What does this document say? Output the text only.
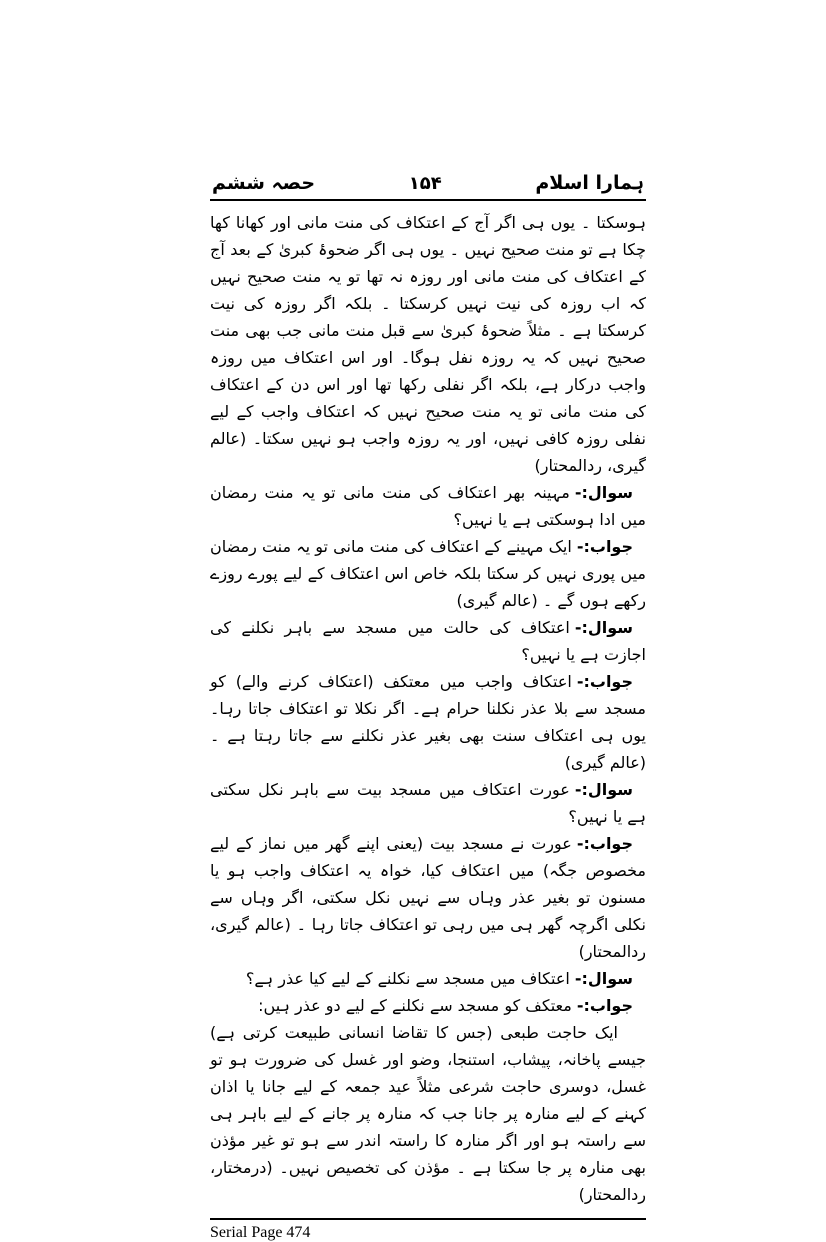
ہمارا اسلام
۱۵۴
حصہ ششم

ہوسکتا ۔ یوں ہی اگر آج کے اعتکاف کی منت مانی اور کھانا کھا چکا ہے تو منت صحیح نہیں ۔ یوں ہی اگر ضحوۂ کبریٰ کے بعد آج کے اعتکاف کی منت مانی اور روزہ نہ تھا تو یہ منت صحیح نہیں کہ اب روزہ کی نیت نہیں کرسکتا ۔ بلکہ اگر روزہ کی نیت کرسکتا ہے ۔ مثلاً ضحوۂ کبریٰ سے قبل منت مانی جب بھی منت صحیح نہیں کہ یہ روزہ نفل ہوگا۔ اور اس اعتکاف میں روزہ واجب درکار ہے، بلکہ اگر نفلی رکھا تھا اور اس دن کے اعتکاف کی منت مانی تو یہ منت صحیح نہیں کہ اعتکاف واجب کے لیے نفلی روزہ کافی نہیں، اور یہ روزہ واجب ہو نہیں سکتا۔ (عالم گیری، ردالمحتار)

سوال:-مہینہ بھر اعتکاف کی منت مانی تو یہ منت رمضان میں ادا ہوسکتی ہے یا نہیں؟

جواب:-ایک مہینے کے اعتکاف کی منت مانی تو یہ منت رمضان میں پوری نہیں کر سکتا بلکہ خاص اس اعتکاف کے لیے پورے روزے رکھے ہوں گے ۔ (عالم گیری)

سوال:-اعتکاف کی حالت میں مسجد سے باہر نکلنے کی اجازت ہے یا نہیں؟

جواب:-اعتکاف واجب میں معتکف (اعتکاف کرنے والے) کو مسجد سے بلا عذر نکلنا حرام ہے۔ اگر نکلا تو اعتکاف جاتا رہا۔ یوں ہی اعتکاف سنت بھی بغیر عذر نکلنے سے جاتا رہتا ہے ۔ (عالم گیری)

سوال:-عورت اعتکاف میں مسجد بیت سے باہر نکل سکتی ہے یا نہیں؟

جواب:-عورت نے مسجد بیت (یعنی اپنے گھر میں نماز کے لیے مخصوص جگہ) میں اعتکاف کیا، خواہ یہ اعتکاف واجب ہو یا مسنون تو بغیر عذر وہاں سے نہیں نکل سکتی، اگر وہاں سے نکلی اگرچہ گھر ہی میں رہی تو اعتکاف جاتا رہا ۔ (عالم گیری، ردالمحتار)

سوال:-اعتکاف میں مسجد سے نکلنے کے لیے کیا عذر ہے؟

جواب:-معتکف کو مسجد سے نکلنے کے لیے دو عذر ہیں:

ایک حاجت طبعی (جس کا تقاضا انسانی طبیعت کرتی ہے) جیسے پاخانہ، پیشاب، استنجا، وضو اور غسل کی ضرورت ہو تو غسل، دوسری حاجت شرعی مثلاً عید جمعہ کے لیے جانا یا اذان کہنے کے لیے منارہ پر جانا جب کہ منارہ پر جانے کے لیے باہر ہی سے راستہ ہو اور اگر منارہ کا راستہ اندر سے ہو تو غیر مؤذن بھی منارہ پر جا سکتا ہے ۔ مؤذن کی تخصیص نہیں۔ (درمختار، ردالمحتار)

Serial Page 474
